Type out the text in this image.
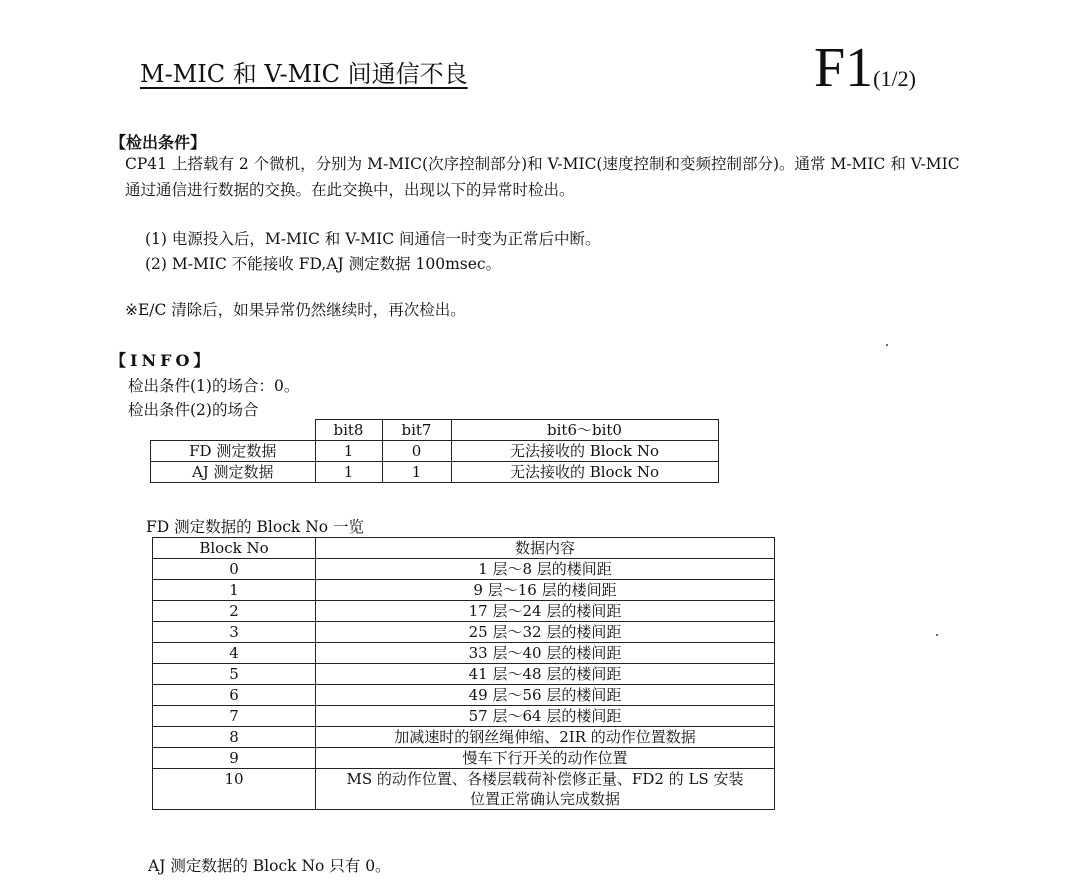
M-MIC 和 V-MIC 间通信不良	F1(1/2)
【检出条件】
CP41 上搭载有 2 个微机，分别为 M-MIC(次序控制部分)和 V-MIC(速度控制和变频控制部分)。通常 M-MIC 和 V-MIC
通过通信进行数据的交换。在此交换中，出现以下的异常时检出。
(1) 电源投入后，M-MIC 和 V-MIC 间通信一时变为正常后中断。
(2) M-MIC 不能接收 FD,AJ 测定数据 100msec。
※E/C 清除后，如果异常仍然继续时，再次检出。
【INFO】
检出条件(1)的场合：0。
检出条件(2)的场合
	bit8	bit7	bit6～bit0
FD 测定数据	1	0	无法接收的 Block No
AJ 测定数据	1	1	无法接收的 Block No
FD 测定数据的 Block No 一览
Block No	数据内容
0	1 层～8 层的楼间距
1	9 层～16 层的楼间距
2	17 层～24 层的楼间距
3	25 层～32 层的楼间距
4	33 层～40 层的楼间距
5	41 层～48 层的楼间距
6	49 层～56 层的楼间距
7	57 层～64 层的楼间距
8	加减速时的钢丝绳伸缩、2IR 的动作位置数据
9	慢车下行开关的动作位置
10	MS 的动作位置、各楼层载荷补偿修正量、FD2 的 LS 安装
位置正常确认完成数据
AJ 测定数据的 Block No 只有 0。
